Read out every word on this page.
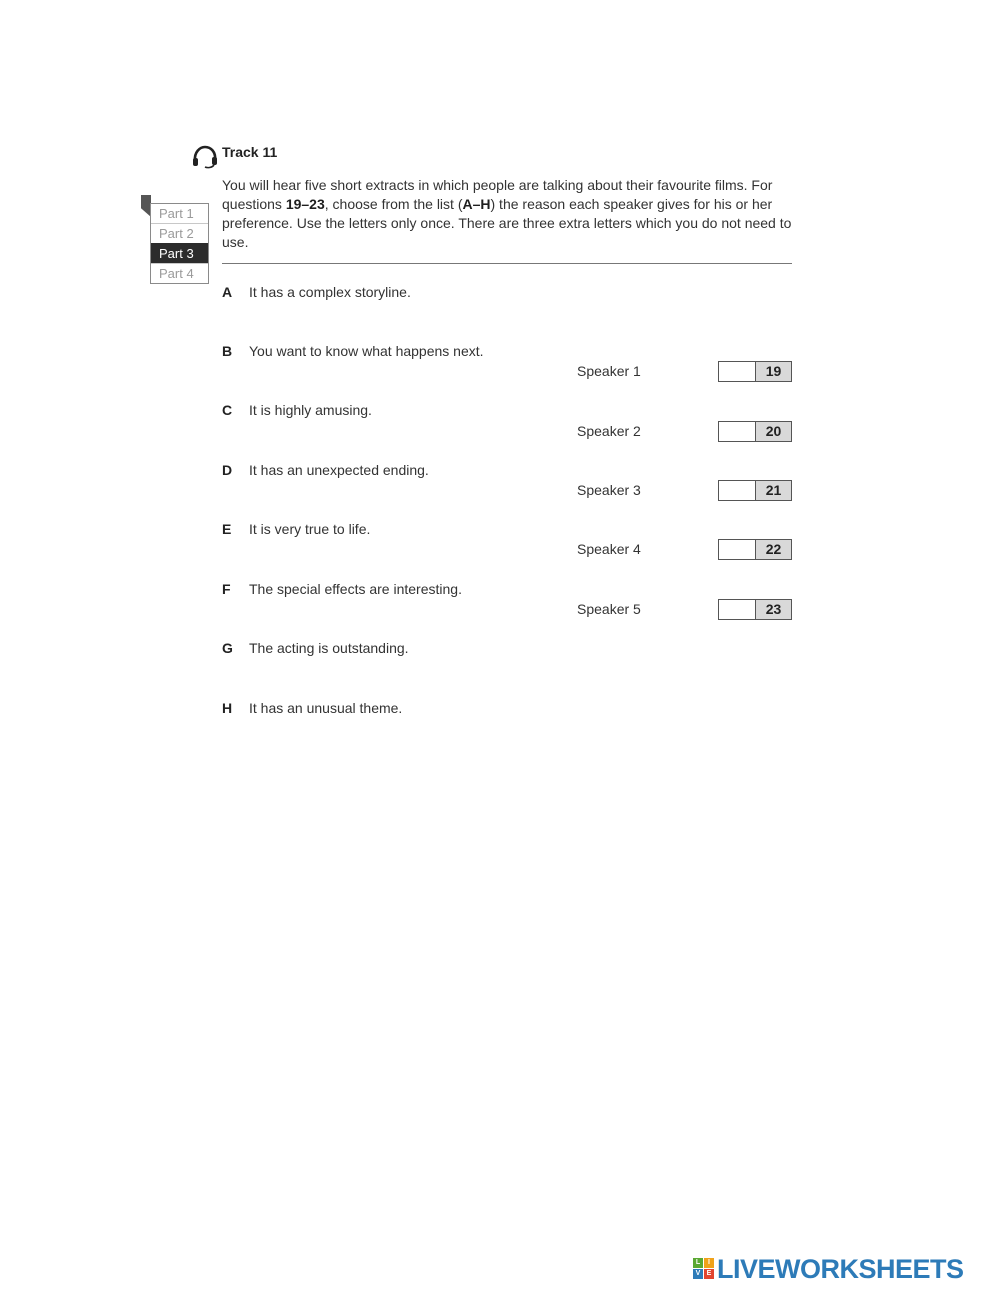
Track 11
Part 1
Part 2
Part 3
Part 4
You will hear five short extracts in which people are talking about their favourite films. For questions 19–23, choose from the list (A–H) the reason each speaker gives for his or her preference. Use the letters only once. There are three extra letters which you do not need to use.
A It has a complex storyline.
B You want to know what happens next.
C It is highly amusing.
D It has an unexpected ending.
E It is very true to life.
F The special effects are interesting.
G The acting is outstanding.
H It has an unusual theme.
Speaker 1	19
Speaker 2	20
Speaker 3	21
Speaker 4	22
Speaker 5	23
L	I
V E LIVEWORKSHEETS
